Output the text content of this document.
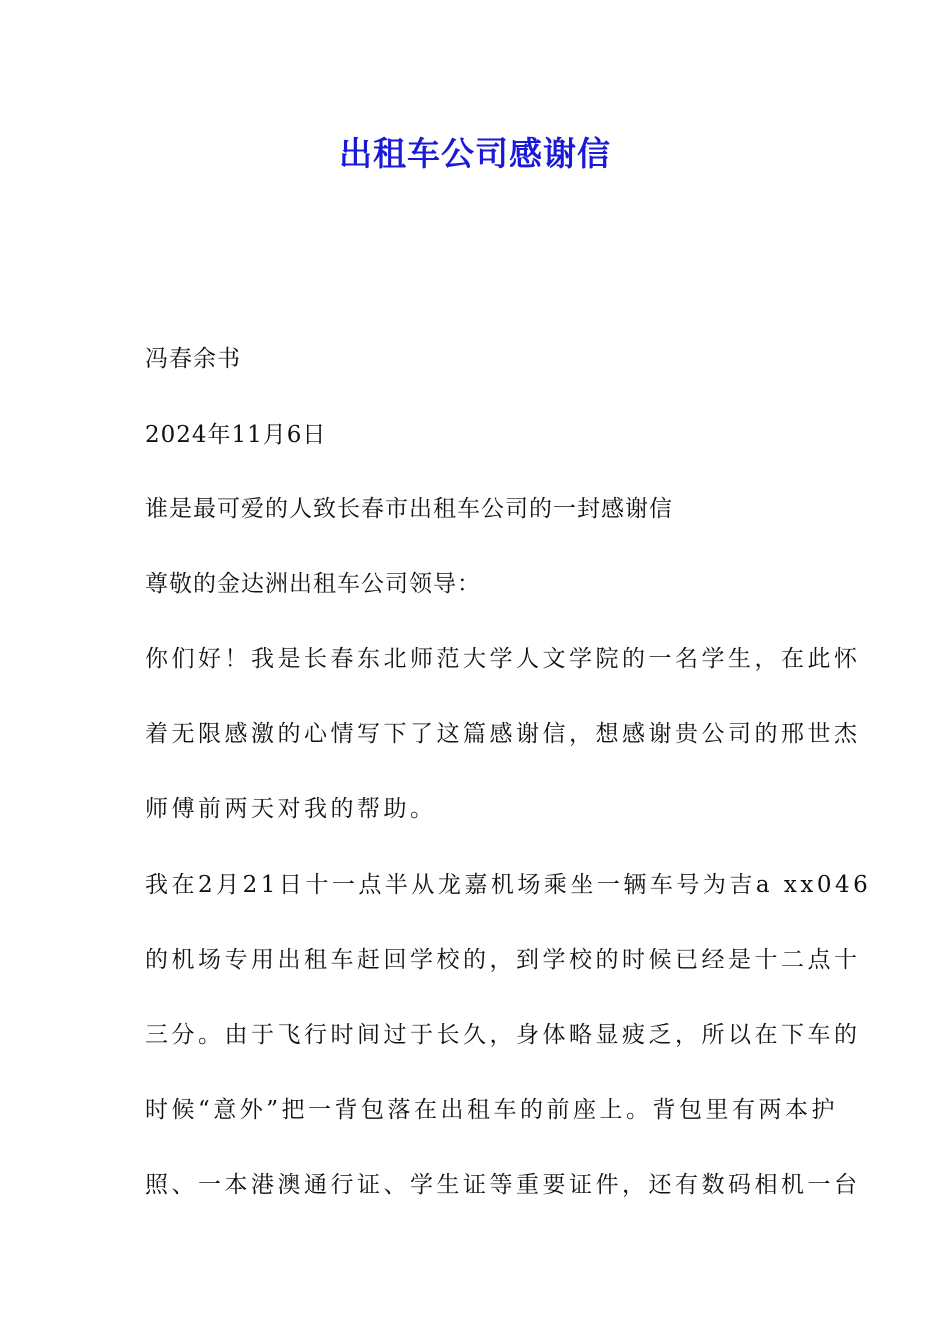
出租车公司感谢信

冯春余书

2024年11月6日

谁是最可爱的人致长春市出租车公司的一封感谢信

尊敬的金达洲出租车公司领导：

你们好！我是长春东北师范大学人文学院的一名学生，在此怀

着无限感激的心情写下了这篇感谢信，想感谢贵公司的邢世杰

师傅前两天对我的帮助。

我在2月21日十一点半从龙嘉机场乘坐一辆车号为吉a xx046

的机场专用出租车赶回学校的，到学校的时候已经是十二点十

三分。由于飞行时间过于长久，身体略显疲乏，所以在下车的

时候“意外”把一背包落在出租车的前座上。背包里有两本护

照、一本港澳通行证、学生证等重要证件，还有数码相机一台
